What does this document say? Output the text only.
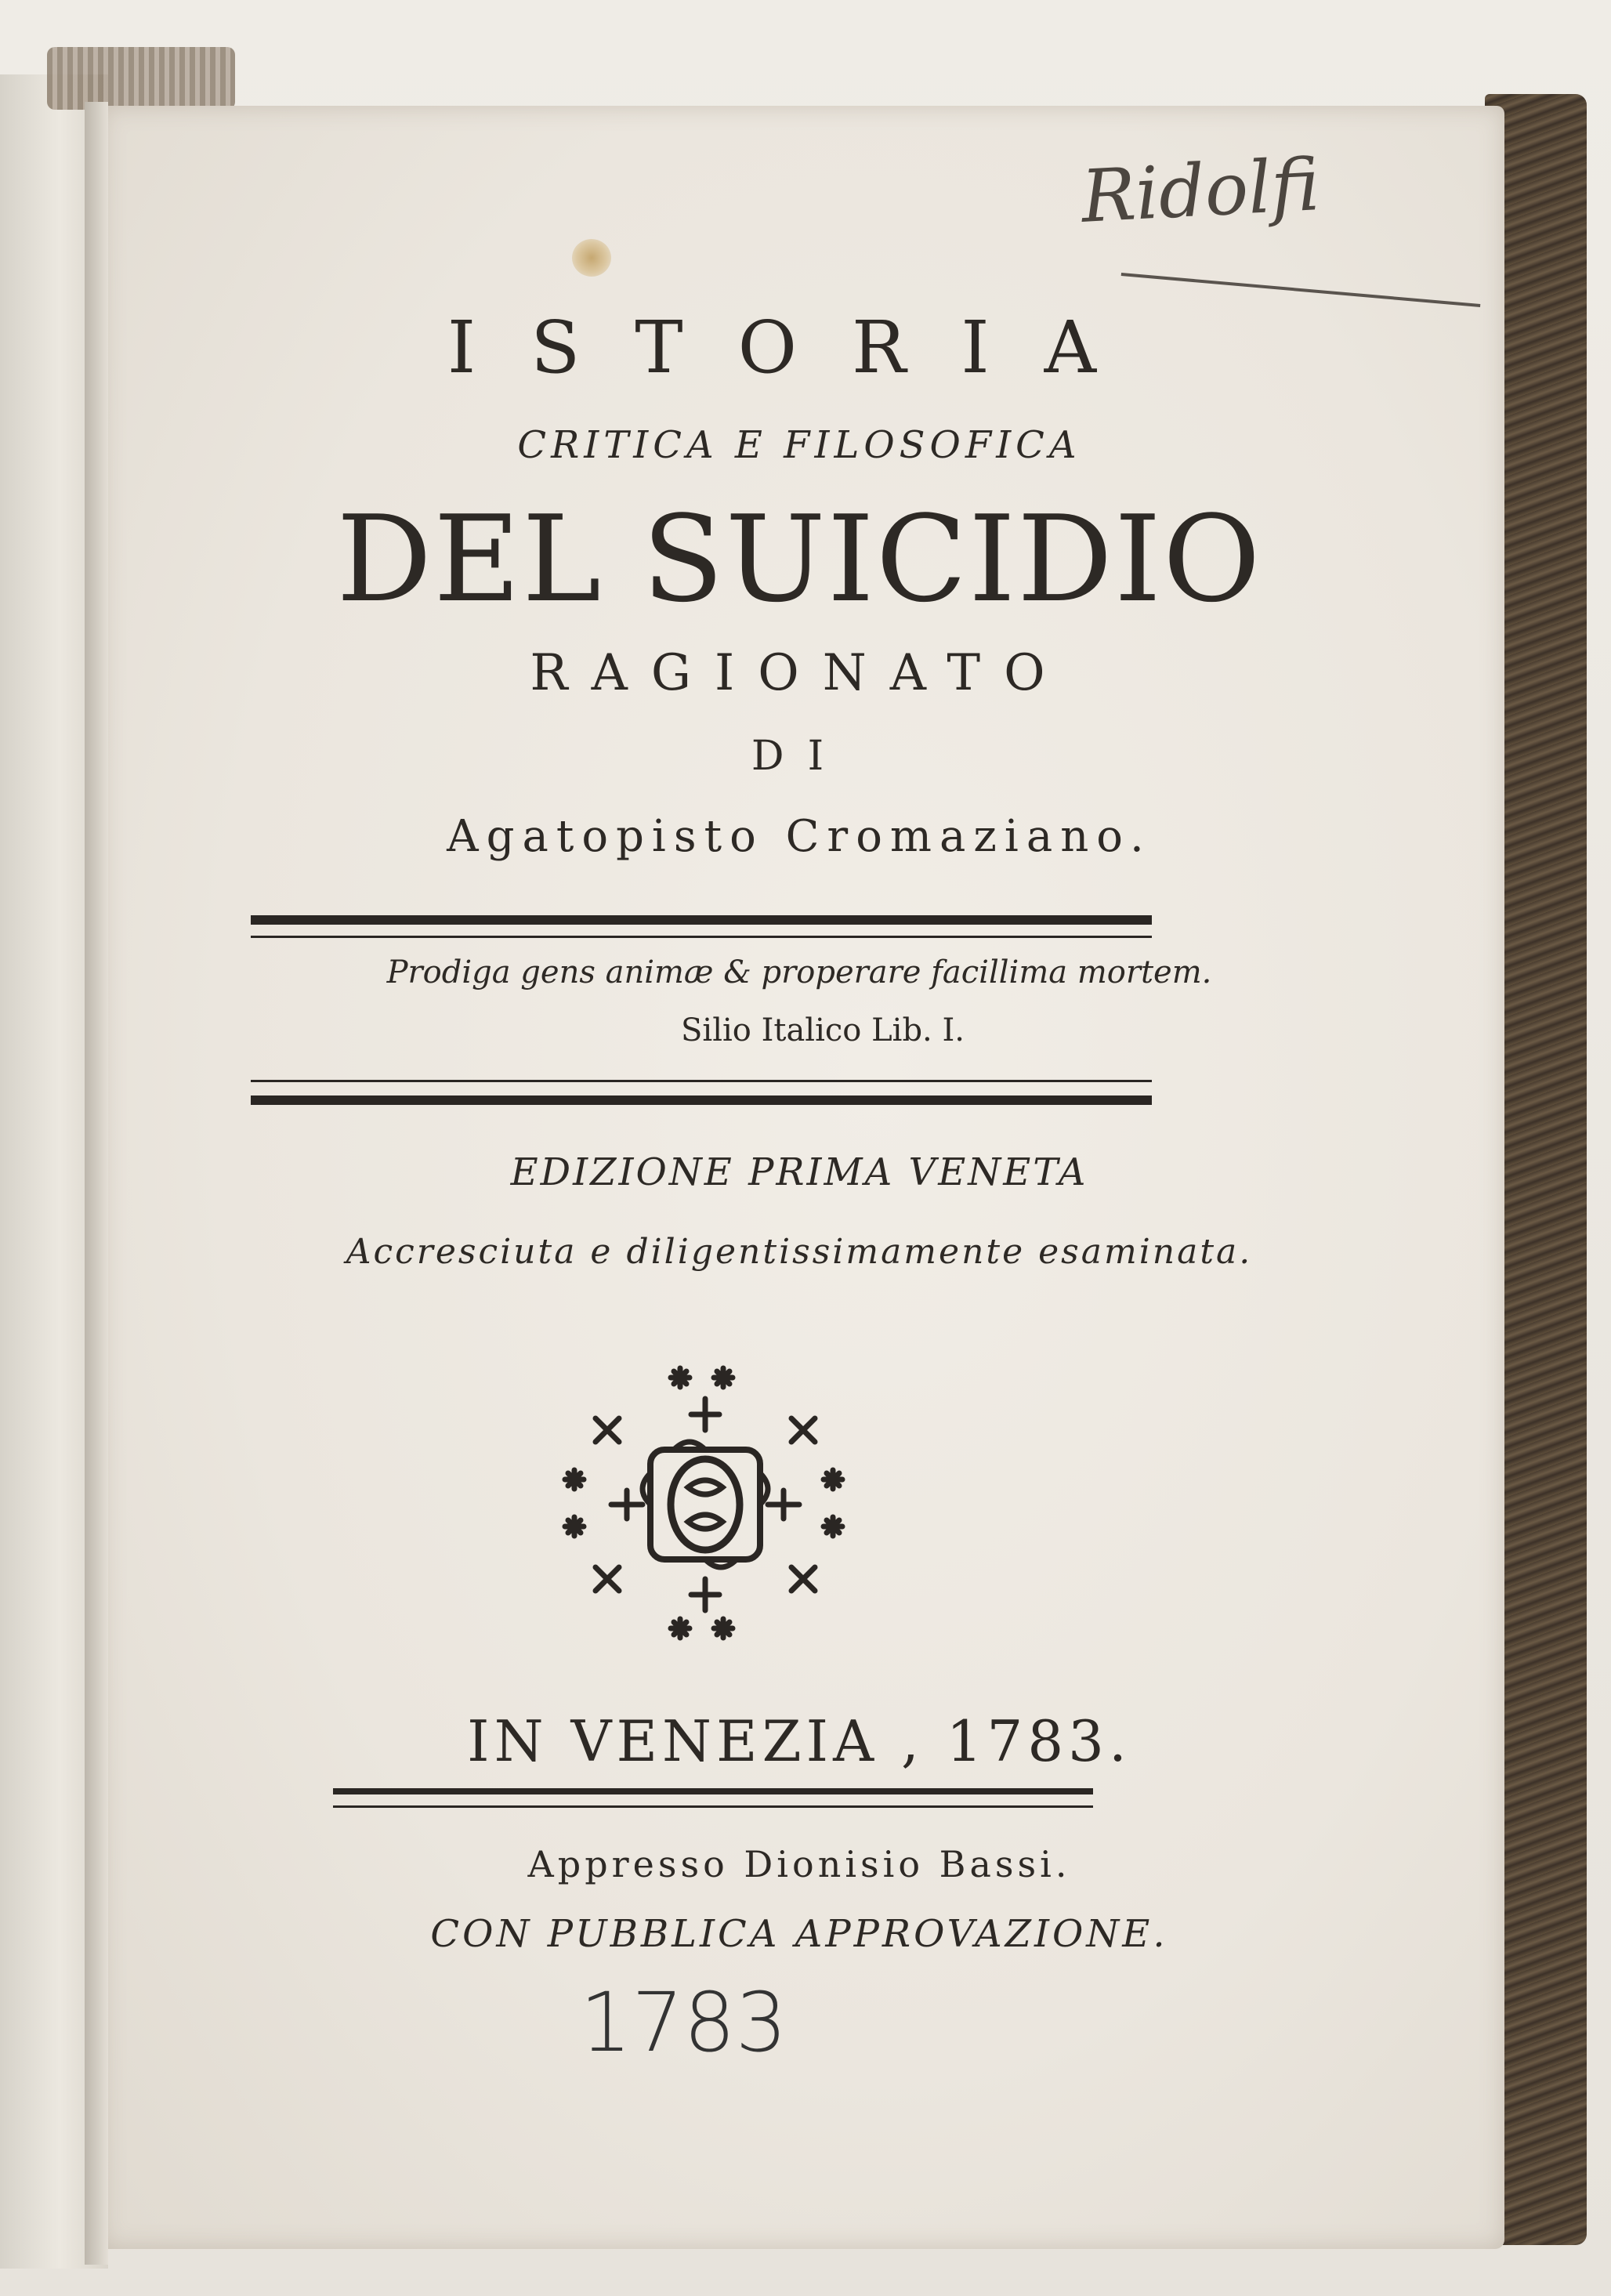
Ridolfi
ISTORIA
CRITICA E FILOSOFICA
DEL SUICIDIO
RAGIONATO
DI
Agatopisto Cromaziano.
Prodiga gens animæ & properare facillima mortem.
Silio Italico Lib. I.
EDIZIONE PRIMA VENETA
Accresciuta e diligentissimamente esaminata.
IN VENEZIA , 1783.
Appresso Dionisio Bassi.
CON PUBBLICA APPROVAZIONE.
1783
